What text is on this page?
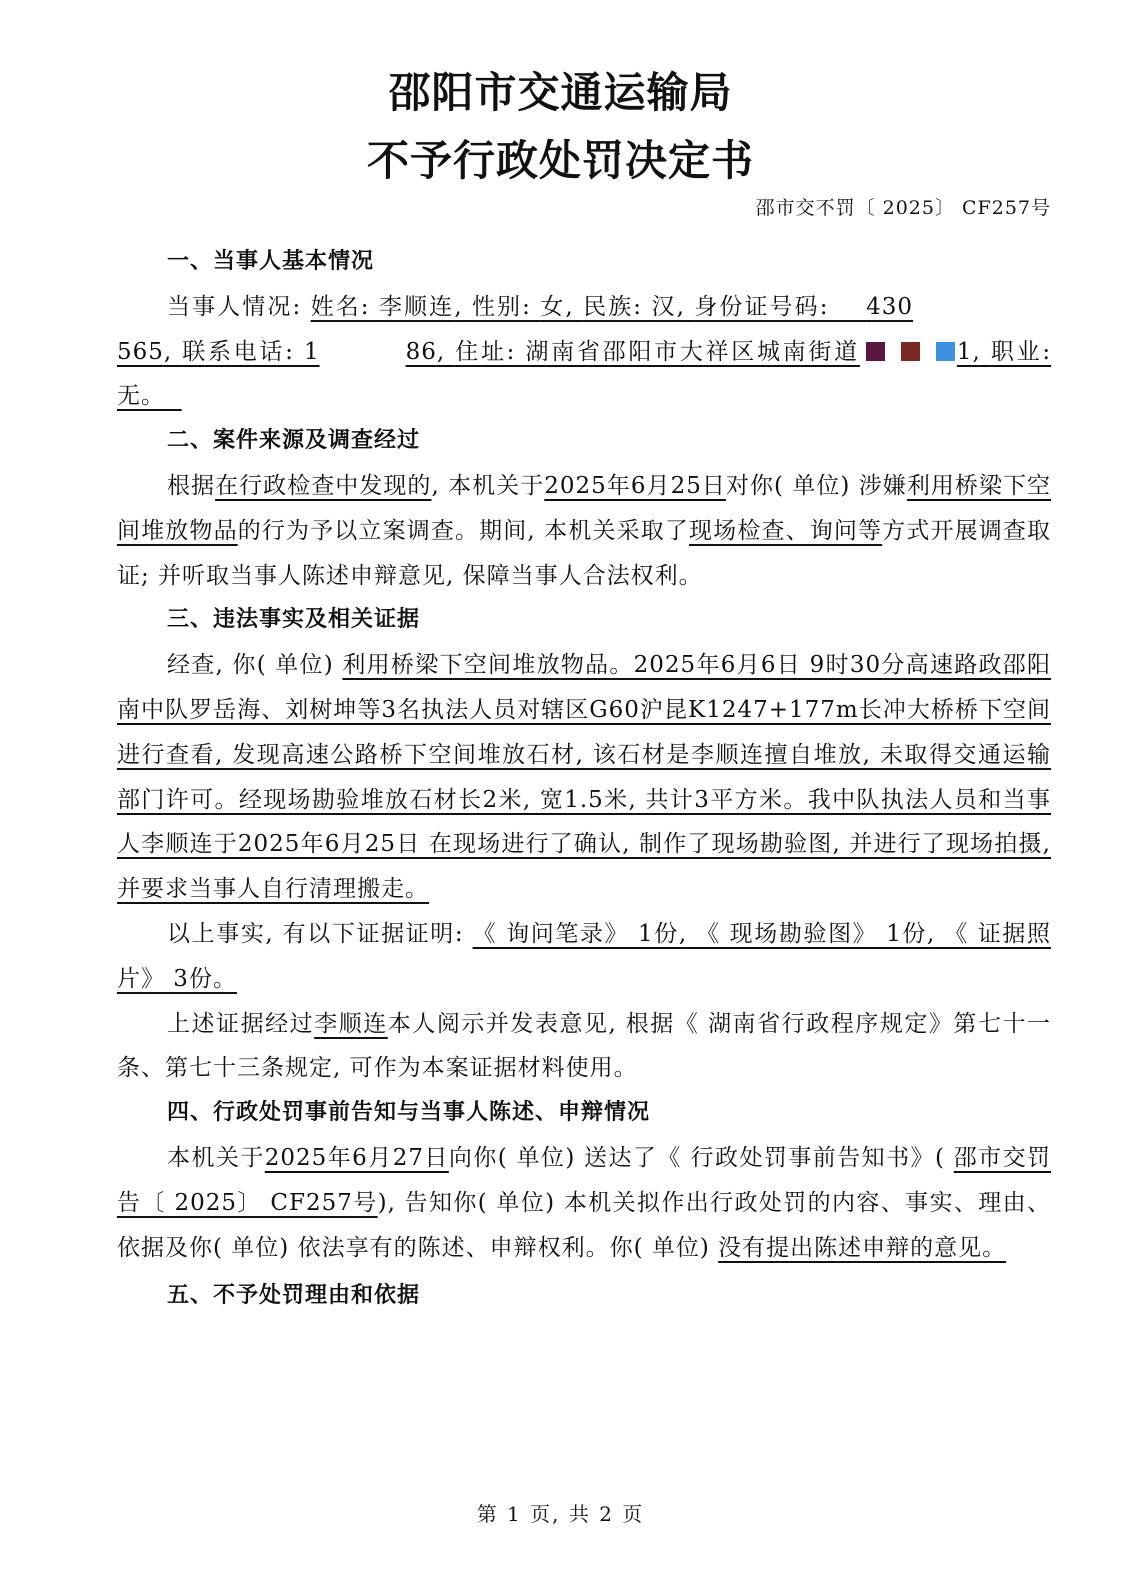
邵阳市交通运输局
不予行政处罚决定书
邵市交不罚〔 2025〕 CF257号

一、当事人基本情况

当事人情况: 姓名: 李顺连, 性别: 女, 民族: 汉, 身份证号码: 430565, 联系电话: 1	86, 住址: 湖南省邵阳市大祥区城南街道	1, 职业: 无。

二、案件来源及调查经过

根据在行政检查中发现的, 本机关于2025年6月25日对你( 单位) 涉嫌利用桥梁下空间堆放物品的行为予以立案调查。期间, 本机关采取了现场检查、询问等方式开展调查取证; 并听取当事人陈述申辩意见, 保障当事人合法权利。

三、违法事实及相关证据

经查, 你( 单位) 利用桥梁下空间堆放物品。2025年6月6日 9时30分高速路政邵阳南中队罗岳海、刘树坤等3名执法人员对辖区G60沪昆K1247+177m长冲大桥桥下空间进行查看, 发现高速公路桥下空间堆放石材, 该石材是李顺连擅自堆放, 未取得交通运输部门许可。经现场勘验堆放石材长2米, 宽1.5米, 共计3平方米。我中队执法人员和当事人李顺连于2025年6月25日 在现场进行了确认, 制作了现场勘验图, 并进行了现场拍摄, 并要求当事人自行清理搬走。

以上事实, 有以下证据证明: 《 询问笔录》 1份, 《 现场勘验图》 1份, 《 证据照片》 3份。

上述证据经过李顺连本人阅示并发表意见, 根据《 湖南省行政程序规定》第七十一条、第七十三条规定, 可作为本案证据材料使用。

四、行政处罚事前告知与当事人陈述、申辩情况

本机关于2025年6月27日向你( 单位) 送达了《 行政处罚事前告知书》( 邵市交罚告〔 2025〕 CF257号), 告知你( 单位) 本机关拟作出行政处罚的内容、事实、理由、依据及你( 单位) 依法享有的陈述、申辩权利。你( 单位) 没有提出陈述申辩的意见。

五、不予处罚理由和依据

第 1 页, 共 2 页
